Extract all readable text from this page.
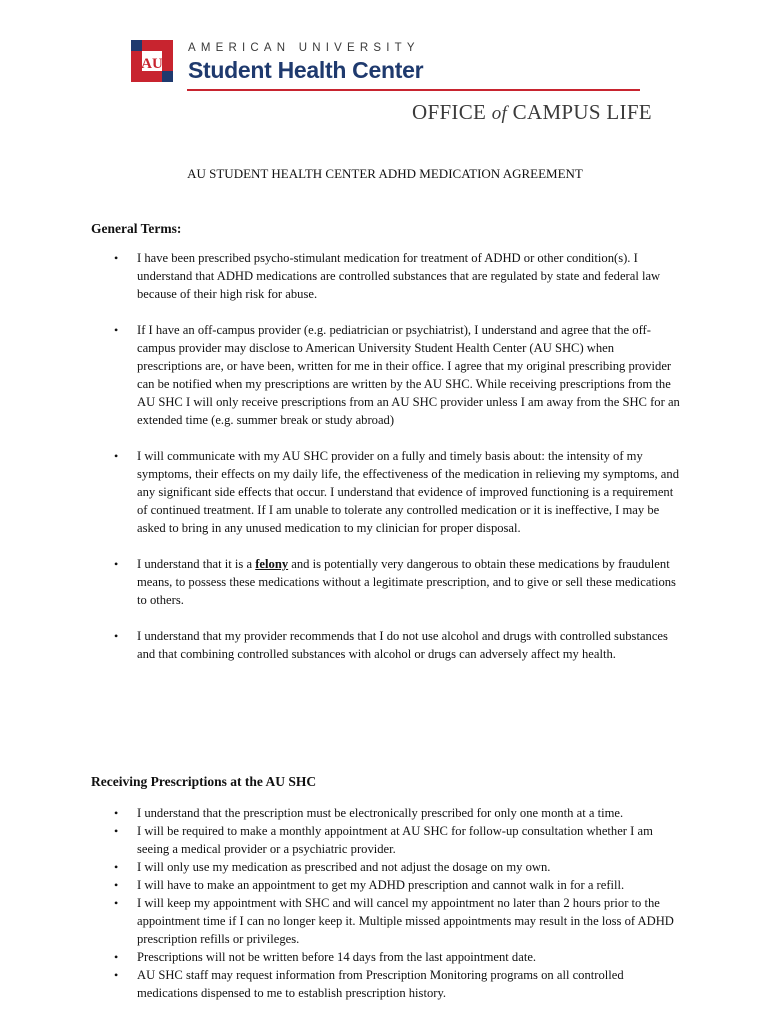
AU
AMERICAN UNIVERSITY
Student Health Center
OFFICE of CAMPUS LIFE
AU STUDENT HEALTH CENTER ADHD MEDICATION AGREEMENT
General Terms:
• I have been prescribed psycho-stimulant medication for treatment of ADHD or other condition(s). I understand that ADHD medications are controlled substances that are regulated by state and federal law because of their high risk for abuse.
• If I have an off-campus provider (e.g. pediatrician or psychiatrist), I understand and agree that the off-campus provider may disclose to American University Student Health Center (AU SHC) when prescriptions are, or have been, written for me in their office. I agree that my original prescribing provider can be notified when my prescriptions are written by the AU SHC. While receiving prescriptions from the AU SHC I will only receive prescriptions from an AU SHC provider unless I am away from the SHC for an extended time (e.g. summer break or study abroad)
• I will communicate with my AU SHC provider on a fully and timely basis about: the intensity of my symptoms, their effects on my daily life, the effectiveness of the medication in relieving my symptoms, and any significant side effects that occur. I understand that evidence of improved functioning is a requirement of continued treatment. If I am unable to tolerate any controlled medication or it is ineffective, I may be asked to bring in any unused medication to my clinician for proper disposal.
• I understand that it is a felony and is potentially very dangerous to obtain these medications by fraudulent means, to possess these medications without a legitimate prescription, and to give or sell these medications to others.
• I understand that my provider recommends that I do not use alcohol and drugs with controlled substances and that combining controlled substances with alcohol or drugs can adversely affect my health.
Receiving Prescriptions at the AU SHC
• I understand that the prescription must be electronically prescribed for only one month at a time.
• I will be required to make a monthly appointment at AU SHC for follow-up consultation whether I am seeing a medical provider or a psychiatric provider.
• I will only use my medication as prescribed and not adjust the dosage on my own.
• I will have to make an appointment to get my ADHD prescription and cannot walk in for a refill.
• I will keep my appointment with SHC and will cancel my appointment no later than 2 hours prior to the appointment time if I can no longer keep it. Multiple missed appointments may result in the loss of ADHD prescription refills or privileges.
• Prescriptions will not be written before 14 days from the last appointment date.
• AU SHC staff may request information from Prescription Monitoring programs on all controlled medications dispensed to me to establish prescription history.
